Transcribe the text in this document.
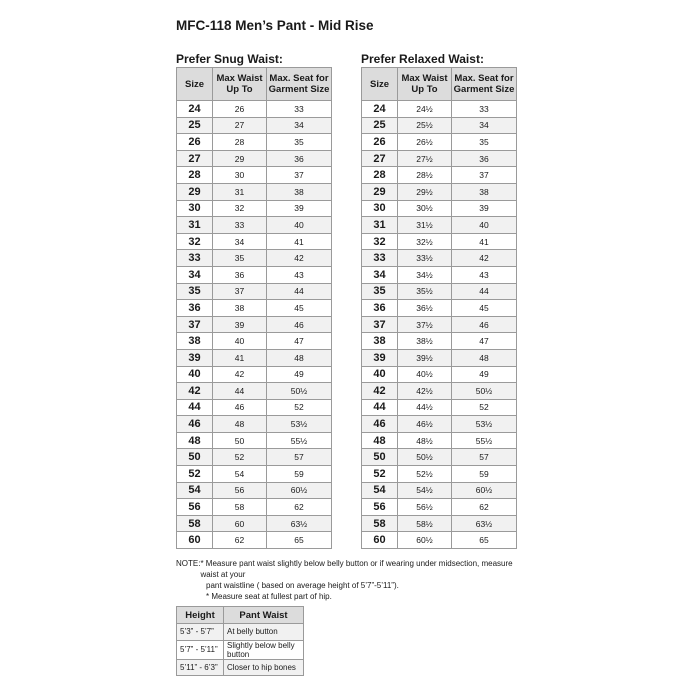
MFC-118 Men’s Pant - Mid Rise
Prefer Snug Waist:
Size	Max Waist Up To	Max. Seat for Garment Size
24	26	33
25	27	34
26	28	35
27	29	36
28	30	37
29	31	38
30	32	39
31	33	40
32	34	41
33	35	42
34	36	43
35	37	44
36	38	45
37	39	46
38	40	47
39	41	48
40	42	49
42	44	50½
44	46	52
46	48	53½
48	50	55½
50	52	57
52	54	59
54	56	60½
56	58	62
58	60	63½
60	62	65
Prefer Relaxed Waist:
Size	Max Waist Up To	Max. Seat for Garment Size
24	24½	33
25	25½	34
26	26½	35
27	27½	36
28	28½	37
29	29½	38
30	30½	39
31	31½	40
32	32½	41
33	33½	42
34	34½	43
35	35½	44
36	36½	45
37	37½	46
38	38½	47
39	39½	48
40	40½	49
42	42½	50½
44	44½	52
46	46½	53½
48	48½	55½
50	50½	57
52	52½	59
54	54½	60½
56	56½	62
58	58½	63½
60	60½	65
NOTE: * Measure pant waist slightly below belly button or if wearing under midsection, measure waist at your
pant waistline ( based on average height of 5’7”-5’11”).
* Measure seat at fullest part of hip.
Height	Pant Waist
5’3” - 5’7”	At belly button
5’7” - 5’11”	Slightly below belly button
5’11” - 6’3”	Closer to hip bones
